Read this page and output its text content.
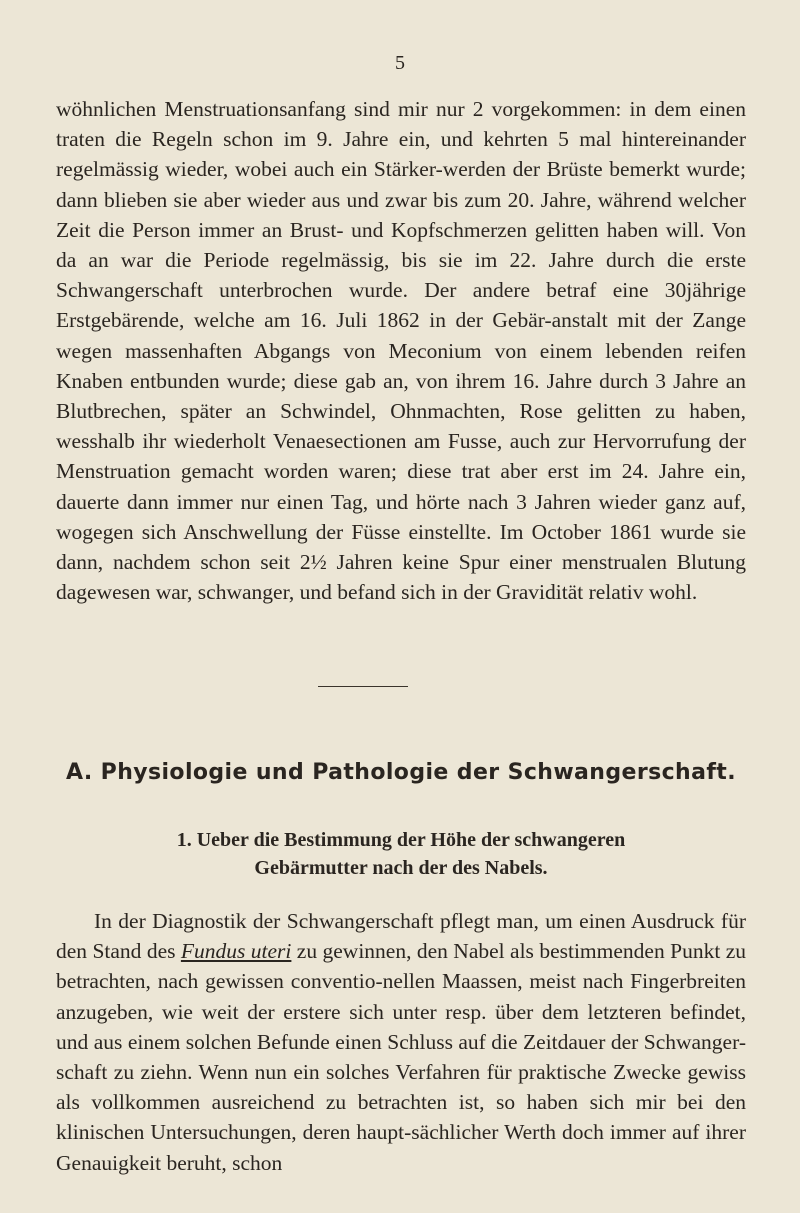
5

wöhnlichen Menstruationsanfang sind mir nur 2 vorgekommen: in dem einen traten die Regeln schon im 9. Jahre ein, und kehrten 5 mal hintereinander regelmässig wieder, wobei auch ein Stärker-werden der Brüste bemerkt wurde; dann blieben sie aber wieder aus und zwar bis zum 20. Jahre, während welcher Zeit die Person immer an Brust- und Kopfschmerzen gelitten haben will. Von da an war die Periode regelmässig, bis sie im 22. Jahre durch die erste Schwangerschaft unterbrochen wurde. Der andere betraf eine 30jährige Erstgebärende, welche am 16. Juli 1862 in der Gebär-anstalt mit der Zange wegen massenhaften Abgangs von Meconium von einem lebenden reifen Knaben entbunden wurde; diese gab an, von ihrem 16. Jahre durch 3 Jahre an Blutbrechen, später an Schwindel, Ohnmachten, Rose gelitten zu haben, wesshalb ihr wiederholt Venaesectionen am Fusse, auch zur Hervorrufung der Menstruation gemacht worden waren; diese trat aber erst im 24. Jahre ein, dauerte dann immer nur einen Tag, und hörte nach 3 Jahren wieder ganz auf, wogegen sich Anschwellung der Füsse einstellte. Im October 1861 wurde sie dann, nachdem schon seit 2½ Jahren keine Spur einer menstrualen Blutung dagewesen war, schwanger, und befand sich in der Gravidität relativ wohl.

A. Physiologie und Pathologie der Schwangerschaft.
1. Ueber die Bestimmung der Höhe der schwangeren
Gebärmutter nach der des Nabels.

In der Diagnostik der Schwangerschaft pflegt man, um einen Ausdruck für den Stand des Fundus uteri zu gewinnen, den Nabel als bestimmenden Punkt zu betrachten, nach gewissen conventio-nellen Maassen, meist nach Fingerbreiten anzugeben, wie weit der erstere sich unter resp. über dem letzteren befindet, und aus einem solchen Befunde einen Schluss auf die Zeitdauer der Schwanger-schaft zu ziehn. Wenn nun ein solches Verfahren für praktische Zwecke gewiss als vollkommen ausreichend zu betrachten ist, so haben sich mir bei den klinischen Untersuchungen, deren haupt-sächlicher Werth doch immer auf ihrer Genauigkeit beruht, schon
